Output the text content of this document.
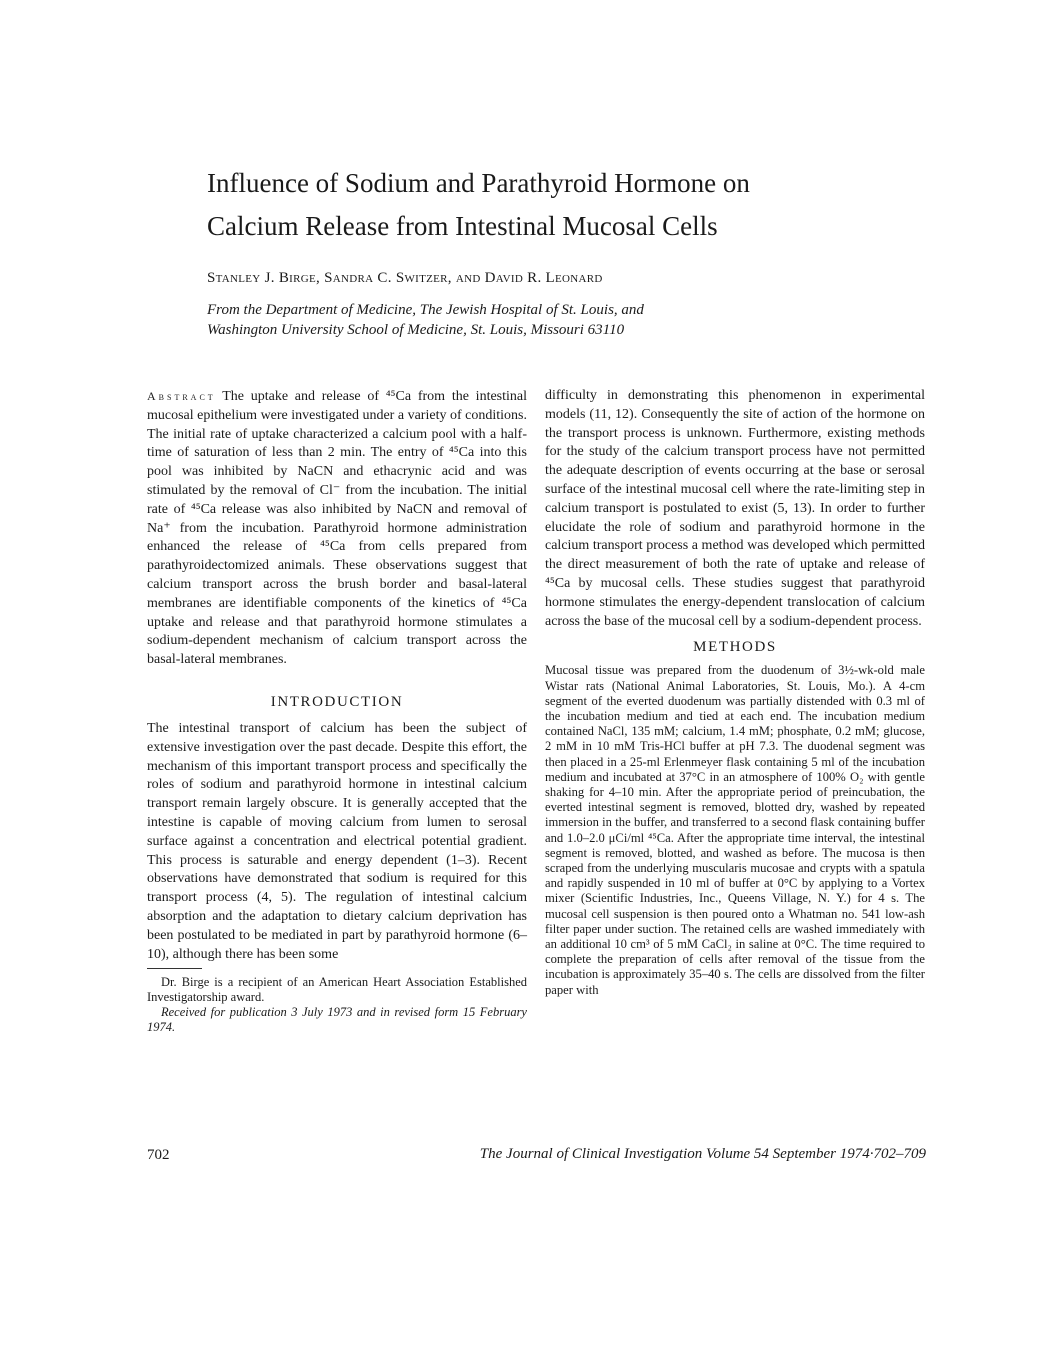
Influence of Sodium and Parathyroid Hormone on
Calcium Release from Intestinal Mucosal Cells
Stanley J. Birge, Sandra C. Switzer, and David R. Leonard
From the Department of Medicine, The Jewish Hospital of St. Louis, and
Washington University School of Medicine, St. Louis, Missouri 63110

Abstract The uptake and release of ⁴⁵Ca from the intestinal mucosal epithelium were investigated under a variety of conditions. The initial rate of uptake characterized a calcium pool with a half-time of saturation of less than 2 min. The entry of ⁴⁵Ca into this pool was inhibited by NaCN and ethacrynic acid and was stimulated by the removal of Cl⁻ from the incubation. The initial rate of ⁴⁵Ca release was also inhibited by NaCN and removal of Na⁺ from the incubation. Parathyroid hormone administration enhanced the release of ⁴⁵Ca from cells prepared from parathyroidectomized animals. These observations suggest that calcium transport across the brush border and basal-lateral membranes are identifiable components of the kinetics of ⁴⁵Ca uptake and release and that parathyroid hormone stimulates a sodium-dependent mechanism of calcium transport across the basal-lateral membranes.

INTRODUCTION

The intestinal transport of calcium has been the subject of extensive investigation over the past decade. Despite this effort, the mechanism of this important transport process and specifically the roles of sodium and parathyroid hormone in intestinal calcium transport remain largely obscure. It is generally accepted that the intestine is capable of moving calcium from lumen to serosal surface against a concentration and electrical potential gradient. This process is saturable and energy dependent (1–3). Recent observations have demonstrated that sodium is required for this transport process (4, 5). The regulation of intestinal calcium absorption and the adaptation to dietary calcium deprivation has been postulated to be mediated in part by parathyroid hormone (6–10), although there has been some

Dr. Birge is a recipient of an American Heart Association Established Investigatorship award.

Received for publication 3 July 1973 and in revised form 15 February 1974.

difficulty in demonstrating this phenomenon in experimental models (11, 12). Consequently the site of action of the hormone on the transport process is unknown. Furthermore, existing methods for the study of the calcium transport process have not permitted the adequate description of events occurring at the base or serosal surface of the intestinal mucosal cell where the rate-limiting step in calcium transport is postulated to exist (5, 13). In order to further elucidate the role of sodium and parathyroid hormone in the calcium transport process a method was developed which permitted the direct measurement of both the rate of uptake and release of ⁴⁵Ca by mucosal cells. These studies suggest that parathyroid hormone stimulates the energy-dependent translocation of calcium across the base of the mucosal cell by a sodium-dependent process.

METHODS

Mucosal tissue was prepared from the duodenum of 3½-wk-old male Wistar rats (National Animal Laboratories, St. Louis, Mo.). A 4-cm segment of the everted duodenum was partially distended with 0.3 ml of the incubation medium and tied at each end. The incubation medium contained NaCl, 135 mM; calcium, 1.4 mM; phosphate, 0.2 mM; glucose, 2 mM in 10 mM Tris-HCl buffer at pH 7.3. The duodenal segment was then placed in a 25-ml Erlenmeyer flask containing 5 ml of the incubation medium and incubated at 37°C in an atmosphere of 100% O₂ with gentle shaking for 4–10 min. After the appropriate period of preincubation, the everted intestinal segment is removed, blotted dry, washed by repeated immersion in the buffer, and transferred to a second flask containing buffer and 1.0–2.0 μCi/ml ⁴⁵Ca. After the appropriate time interval, the intestinal segment is removed, blotted, and washed as before. The mucosa is then scraped from the underlying muscularis mucosae and crypts with a spatula and rapidly suspended in 10 ml of buffer at 0°C by applying to a Vortex mixer (Scientific Industries, Inc., Queens Village, N. Y.) for 4 s. The mucosal cell suspension is then poured onto a Whatman no. 541 low-ash filter paper under suction. The retained cells are washed immediately with an additional 10 cm³ of 5 mM CaCl₂ in saline at 0°C. The time required to complete the preparation of cells after removal of the tissue from the incubation is approximately 35–40 s. The cells are dissolved from the filter paper with

702	The Journal of Clinical Investigation Volume 54 September 1974·702–709
